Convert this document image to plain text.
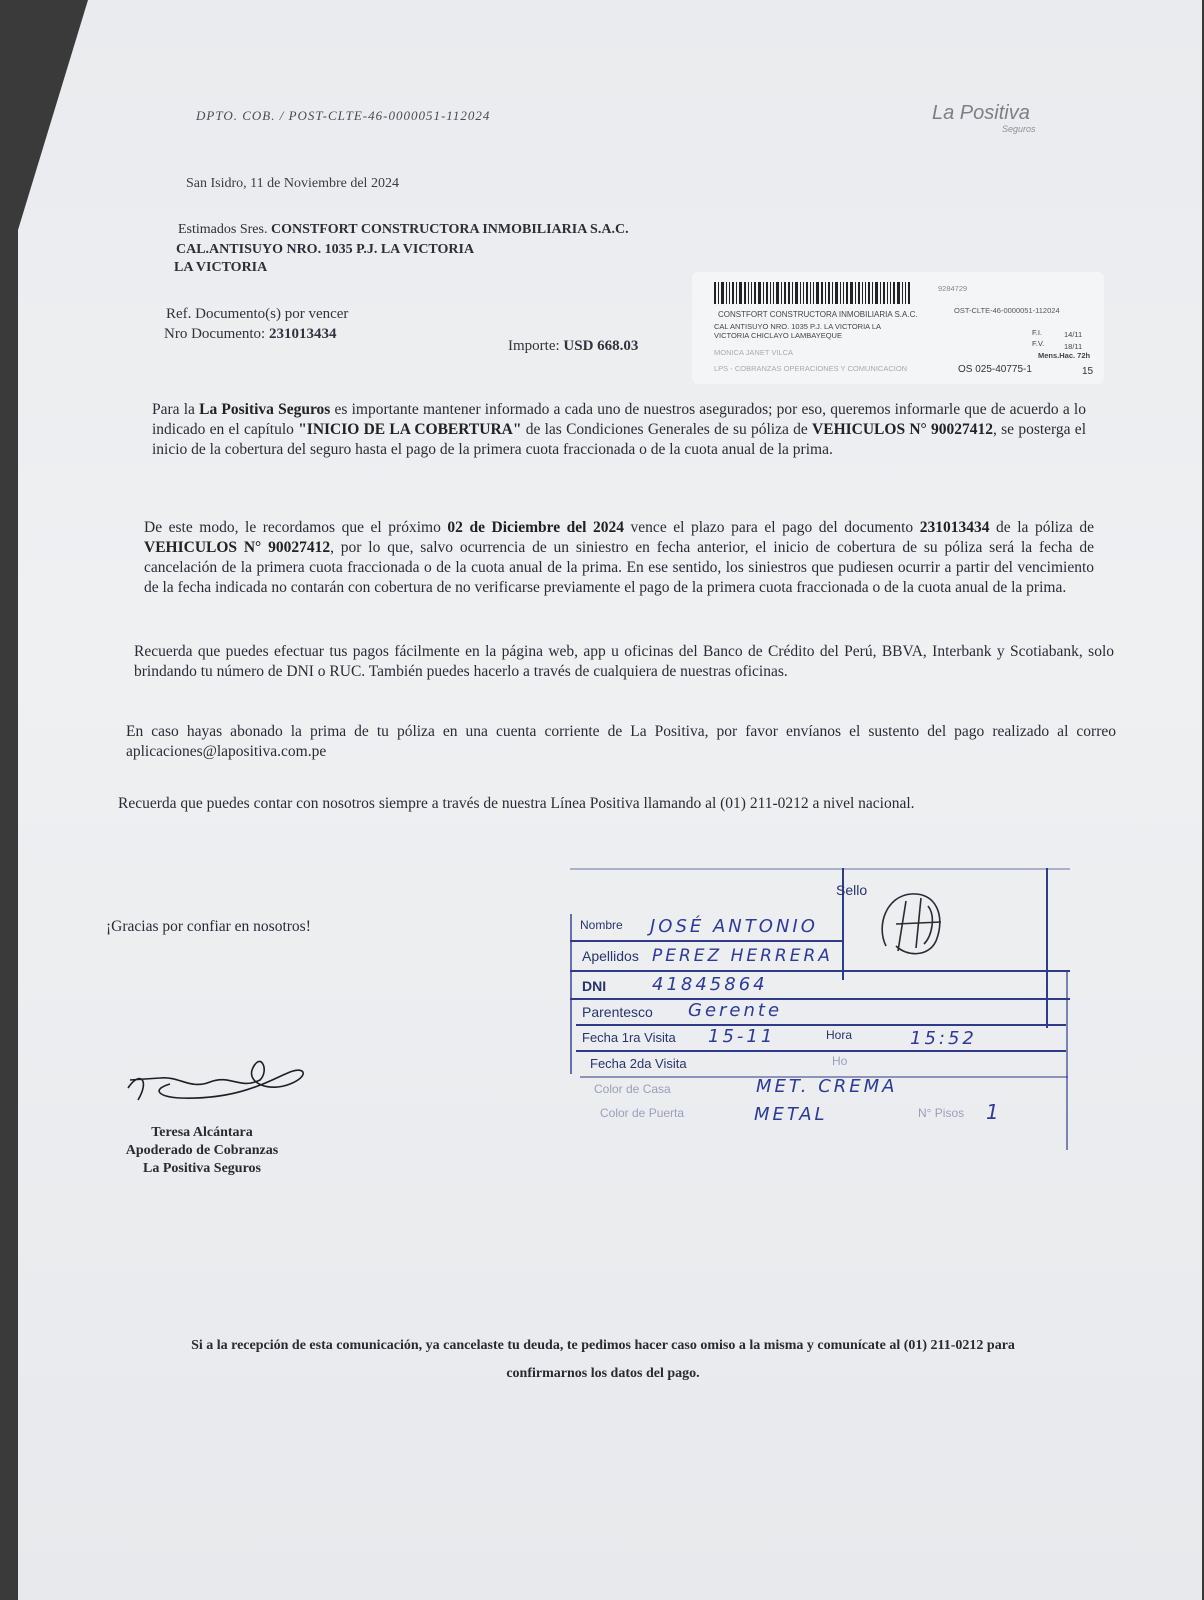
DPTO. COB. / POST-CLTE-46-0000051-112024	La Positiva
Seguros
San Isidro, 11 de Noviembre del 2024
Estimados Sres. CONSTFORT CONSTRUCTORA INMOBILIARIA S.A.C.
CAL.ANTISUYO NRO. 1035 P.J. LA VICTORIA
LA VICTORIA
Ref. Documento(s) por vencer
Nro Documento: 231013434
Importe: USD 668.03
9284729
CONSTFORT CONSTRUCTORA INMOBILIARIA S.A.C.	OST-CLTE-46-0000051-112024
CAL ANTISUYO NRO. 1035 P.J. LA VICTORIA LA
VICTORIA CHICLAYO LAMBAYEQUE	F.I.	14/11
F.V.	18/11
Mens.Hac. 72h
MONICA JANET VILCA
LPS - COBRANZAS OPERACIONES Y COMUNICACION	OS 025-40775-1	15
Para la La Positiva Seguros es importante mantener informado a cada uno de nuestros asegurados; por eso, queremos informarle que de acuerdo a lo indicado en el capítulo "INICIO DE LA COBERTURA" de las Condiciones Generales de su póliza de VEHICULOS N° 90027412, se posterga el inicio de la cobertura del seguro hasta el pago de la primera cuota fraccionada o de la cuota anual de la prima.
De este modo, le recordamos que el próximo 02 de Diciembre del 2024 vence el plazo para el pago del documento 231013434 de la póliza de VEHICULOS N° 90027412, por lo que, salvo ocurrencia de un siniestro en fecha anterior, el inicio de cobertura de su póliza será la fecha de cancelación de la primera cuota fraccionada o de la cuota anual de la prima. En ese sentido, los siniestros que pudiesen ocurrir a partir del vencimiento de la fecha indicada no contarán con cobertura de no verificarse previamente el pago de la primera cuota fraccionada o de la cuota anual de la prima.
Recuerda que puedes efectuar tus pagos fácilmente en la página web, app u oficinas del Banco de Crédito del Perú, BBVA, Interbank y Scotiabank, solo brindando tu número de DNI o RUC. También puedes hacerlo a través de cualquiera de nuestras oficinas.
En caso hayas abonado la prima de tu póliza en una cuenta corriente de La Positiva, por favor envíanos el sustento del pago realizado al correo aplicaciones@lapositiva.com.pe
Recuerda que puedes contar con nosotros siempre a través de nuestra Línea Positiva llamando al (01) 211-0212 a nivel nacional.
¡Gracias por confiar en nosotros!
Teresa Alcántara
Apoderado de Cobranzas
La Positiva Seguros
Sello
Nombre JOSÉ ANTONIO
Apellidos PEREZ HERRERA
DNI	41845864
Parentesco Gerente
Fecha 1ra Visita 15-11	Hora	15:52
Fecha 2da Visita	Ho
Color de Casa	MET. CREMA
Color de Puerta	METAL	N° Pisos 1
Si a la recepción de esta comunicación, ya cancelaste tu deuda, te pedimos hacer caso omiso a la misma y comunícate al (01) 211-0212 para
confirmarnos los datos del pago.
